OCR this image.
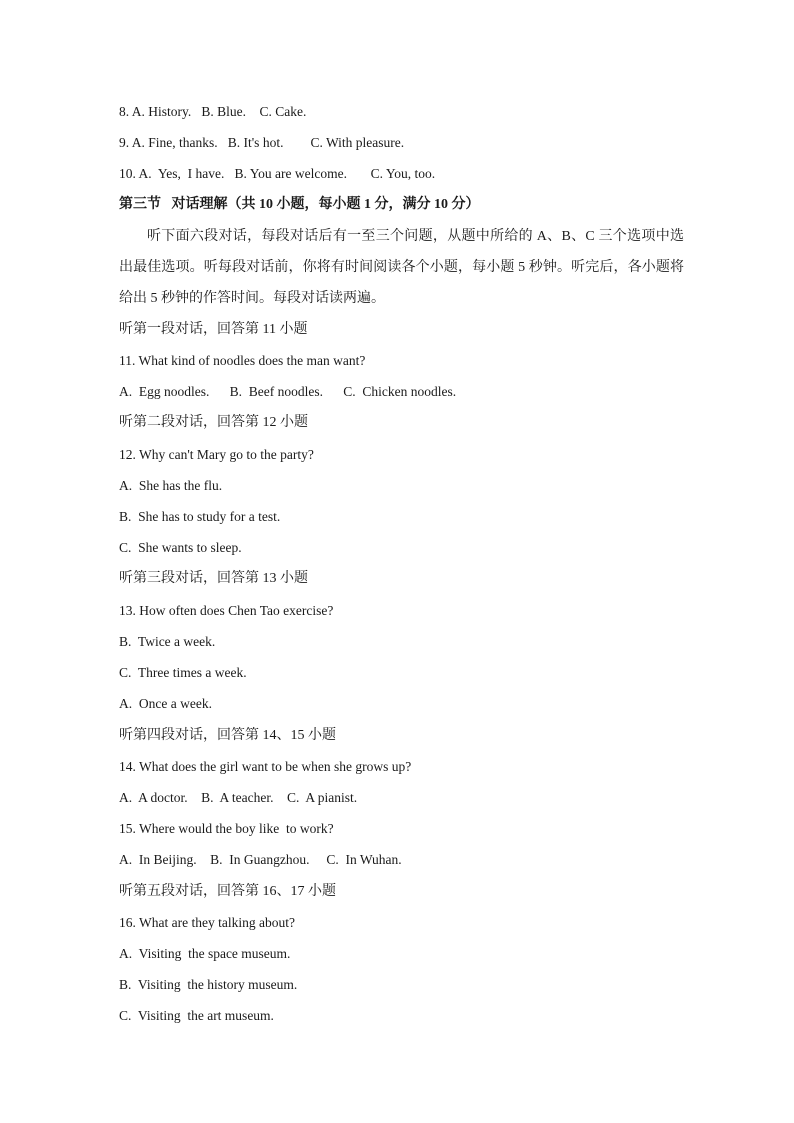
8. A. History.   B. Blue.    C. Cake.
9. A. Fine, thanks.   B. It's hot.        C. With pleasure.
10. A.  Yes,  I have.   B. You are welcome.       C. You, too.
第三节   对话理解（共 10 小题，每小题 1 分，满分 10 分）
听下面六段对话，每段对话后有一至三个问题，从题中所给的 A、B、C 三个选项中选出最佳选项。听每段对话前，你将有时间阅读各个小题，每小题 5 秒钟。听完后，各小题将给出 5 秒钟的作答时间。每段对话读两遍。
听第一段对话，回答第 11 小题
11. What kind of noodles does the man want?
A.  Egg noodles.      B.  Beef noodles.      C.  Chicken noodles.
听第二段对话，回答第 12 小题
12. Why can't Mary go to the party?
A.  She has the flu.
B.  She has to study for a test.
C.  She wants to sleep.
听第三段对话，回答第 13 小题
13. How often does Chen Tao exercise?
B.  Twice a week.
C.  Three times a week.
A.  Once a week.
听第四段对话，回答第 14、15 小题
14. What does the girl want to be when she grows up?
A.  A doctor.    B.  A teacher.    C.  A pianist.
15. Where would the boy like  to work?
A.  In Beijing.    B.  In Guangzhou.     C.  In Wuhan.
听第五段对话，回答第 16、17 小题
16. What are they talking about?
A.  Visiting  the space museum.
B.  Visiting  the history museum.
C.  Visiting  the art museum.
